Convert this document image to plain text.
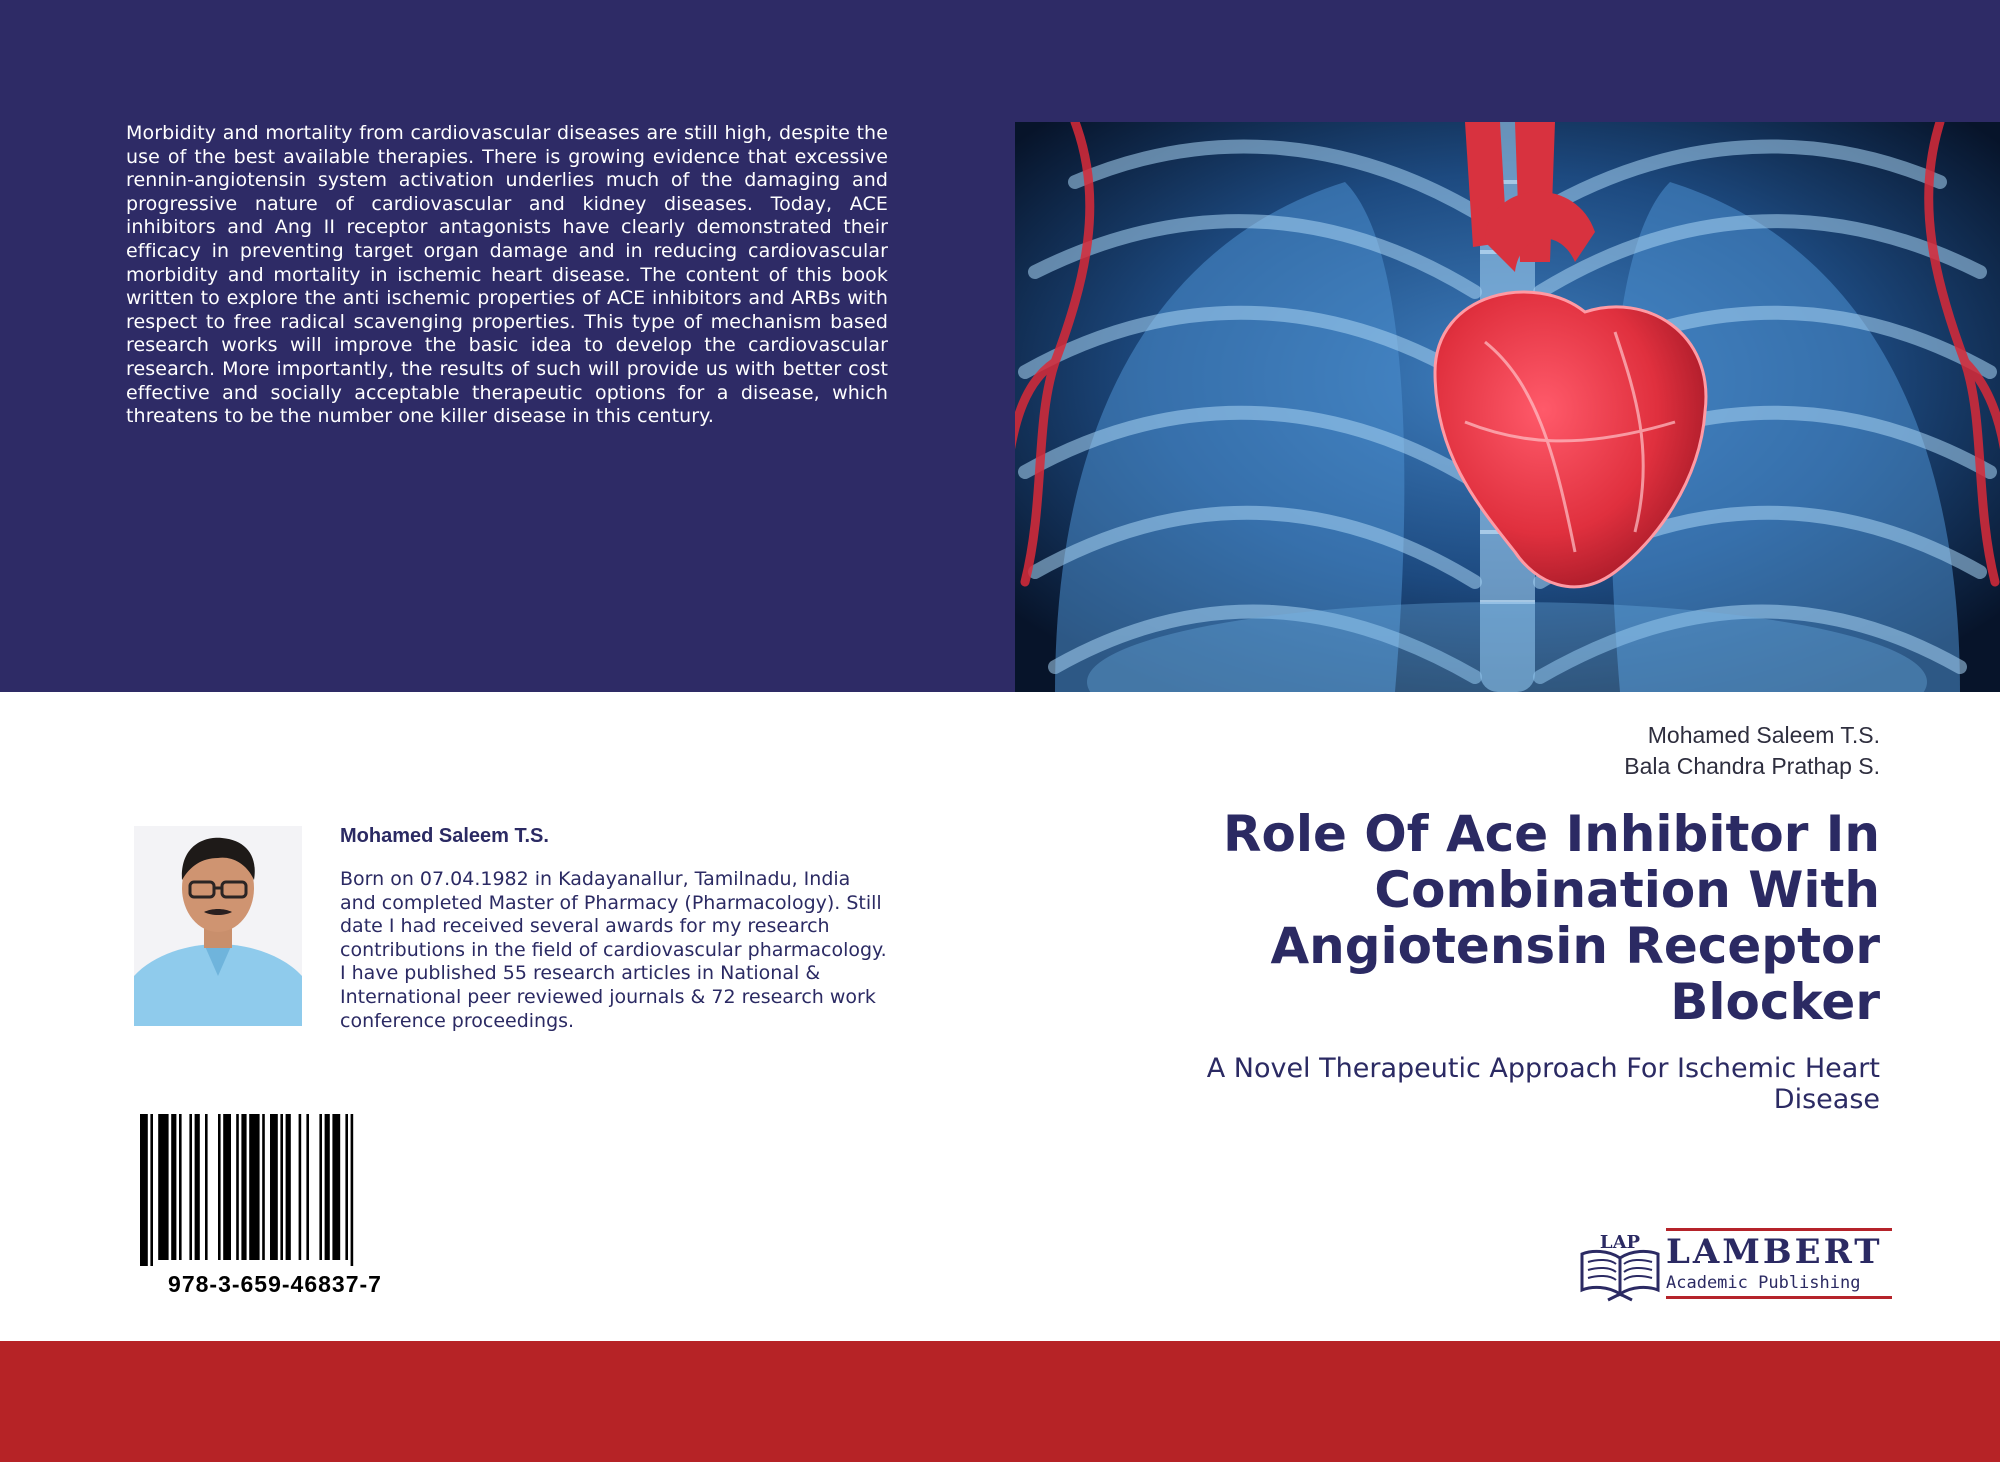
Morbidity and mortality from cardiovascular diseases are still high, despite the use of the best available therapies. There is growing evidence that excessive rennin-angiotensin system activation underlies much of the damaging and progressive nature of cardiovascular and kidney diseases. Today, ACE inhibitors and Ang II receptor antagonists have clearly demonstrated their efficacy in preventing target organ damage and in reducing cardiovascular morbidity and mortality in ischemic heart disease. The content of this book written to explore the anti ischemic properties of ACE inhibitors and ARBs with respect to free radical scavenging properties. This type of mechanism based research works will improve the basic idea to develop the cardiovascular research. More importantly, the results of such will provide us with better cost effective and socially acceptable therapeutic options for a disease, which threatens to be the number one killer disease in this century.

Mohamed Saleem T.S.
Bala Chandra Prathap S.
Role Of Ace Inhibitor In Combination With Angiotensin Receptor Blocker

A Novel Therapeutic Approach For Ischemic Heart Disease

Mohamed Saleem T.S.

Born on 07.04.1982 in Kadayanallur, Tamilnadu, India and completed Master of Pharmacy (Pharmacology). Still date I had received several awards for my research contributions in the field of cardiovascular pharmacology. I have published 55 research articles in National & International peer reviewed journals & 72 research work conference proceedings.

978-3-659-46837-7
LAP LAMBERT
Academic Publishing
